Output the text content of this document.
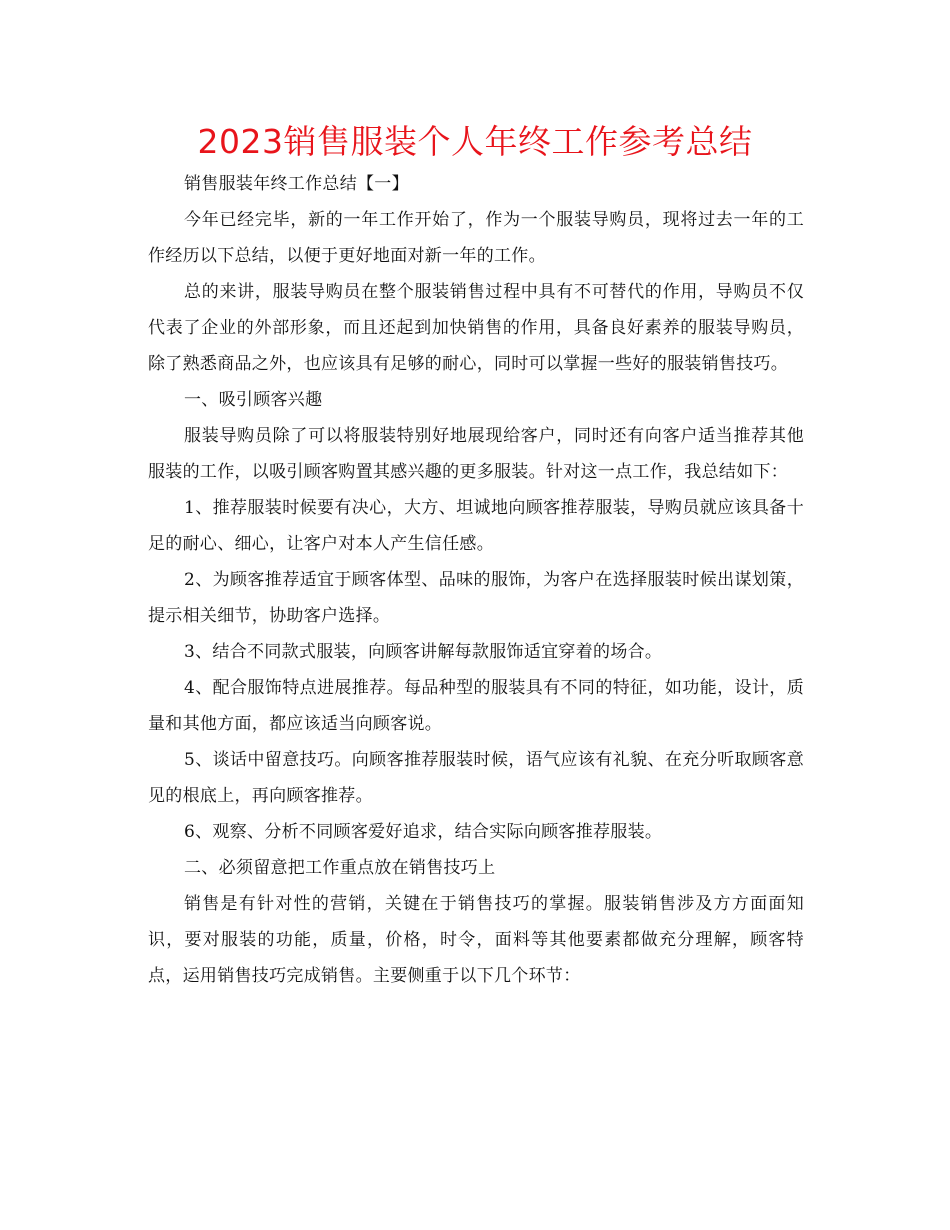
2023销售服装个人年终工作参考总结

销售服装年终工作总结【一】

今年已经完毕，新的一年工作开始了，作为一个服装导购员，现将过去一年的工作经历以下总结，以便于更好地面对新一年的工作。

总的来讲，服装导购员在整个服装销售过程中具有不可替代的作用，导购员不仅代表了企业的外部形象，而且还起到加快销售的作用，具备良好素养的服装导购员，除了熟悉商品之外，也应该具有足够的耐心，同时可以掌握一些好的服装销售技巧。

一、吸引顾客兴趣

服装导购员除了可以将服装特别好地展现给客户，同时还有向客户适当推荐其他服装的工作，以吸引顾客购置其感兴趣的更多服装。针对这一点工作，我总结如下：

1、推荐服装时候要有决心，大方、坦诚地向顾客推荐服装，导购员就应该具备十足的耐心、细心，让客户对本人产生信任感。

2、为顾客推荐适宜于顾客体型、品味的服饰，为客户在选择服装时候出谋划策，提示相关细节，协助客户选择。

3、结合不同款式服装，向顾客讲解每款服饰适宜穿着的场合。

4、配合服饰特点进展推荐。每品种型的服装具有不同的特征，如功能，设计，质量和其他方面，都应该适当向顾客说。

5、谈话中留意技巧。向顾客推荐服装时候，语气应该有礼貌、在充分听取顾客意见的根底上，再向顾客推荐。

6、观察、分析不同顾客爱好追求，结合实际向顾客推荐服装。

二、必须留意把工作重点放在销售技巧上

销售是有针对性的营销，关键在于销售技巧的掌握。服装销售涉及方方面面知识，要对服装的功能，质量，价格，时令，面料等其他要素都做充分理解，顾客特点，运用销售技巧完成销售。主要侧重于以下几个环节：
